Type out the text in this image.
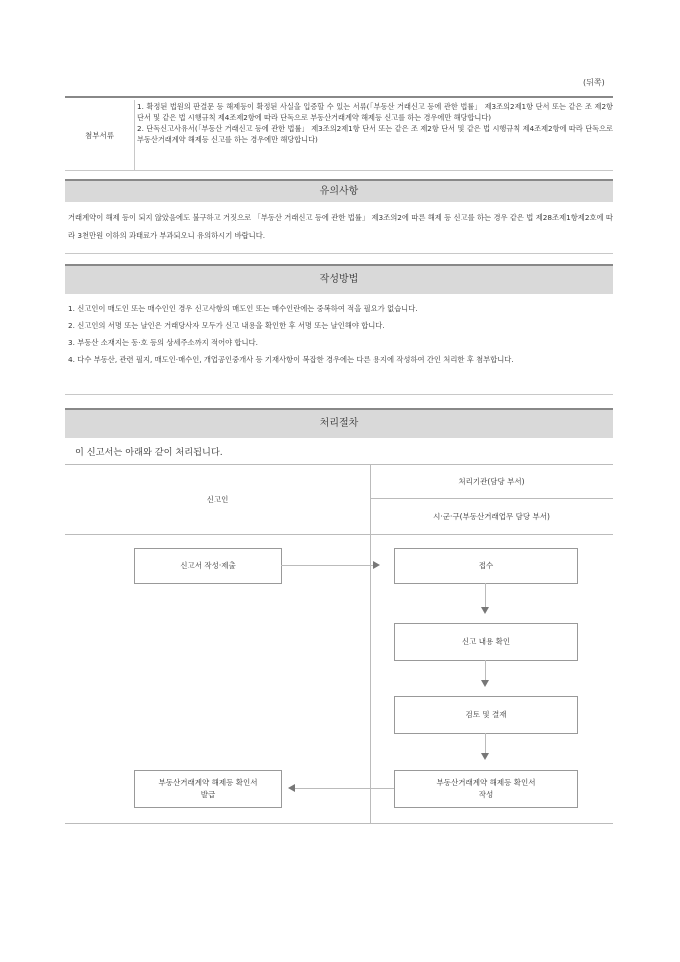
(뒤쪽)
첨부서류

1. 확정된 법원의 판결문 등 해제등이 확정된 사실을 입증할 수 있는 서류(「부동산 거래신고 등에 관한 법률」 제3조의2제1항 단서 또는 같은 조 제2항 단서 및 같은 법 시행규칙 제4조제2항에 따라 단독으로 부동산거래계약 해제등 신고를 하는 경우에만 해당합니다)

2. 단독신고사유서(「부동산 거래신고 등에 관한 법률」 제3조의2제1항 단서 또는 같은 조 제2항 단서 및 같은 법 시행규칙 제4조제2항에 따라 단독으로 부동산거래계약 해제등 신고를 하는 경우에만 해당합니다)

유의사항

거래계약이 해제 등이 되지 않았음에도 불구하고 거짓으로 「부동산 거래신고 등에 관한 법률」 제3조의2에 따른 해제 등 신고를 하는 경우 같은 법 제28조제1항제2호에 따라 3천만원 이하의 과태료가 부과되오니 유의하시기 바랍니다.

작성방법

1. 신고인이 매도인 또는 매수인인 경우 신고사항의 매도인 또는 매수인란에는 중복하여 적을 필요가 없습니다.

2. 신고인의 서명 또는 날인은 거래당사자 모두가 신고 내용을 확인한 후 서명 또는 날인해야 합니다.

3. 부동산 소재지는 동·호 등의 상세주소까지 적어야 합니다.

4. 다수 부동산, 관련 필지, 매도인·매수인, 개업공인중개사 등 기재사항이 복잡한 경우에는 다른 용지에 작성하여 간인 처리한 후 첨부합니다.

처리절차
이 신고서는 아래와 같이 처리됩니다.
신고인
처리기관(담당 부서)
시·군·구(부동산거래업무 담당 부서)
신고서 작성·제출	접수
신고 내용 확인
검토 및 결재
부동산거래계약 해제등 확인서
작성
부동산거래계약 해제등 확인서
발급
